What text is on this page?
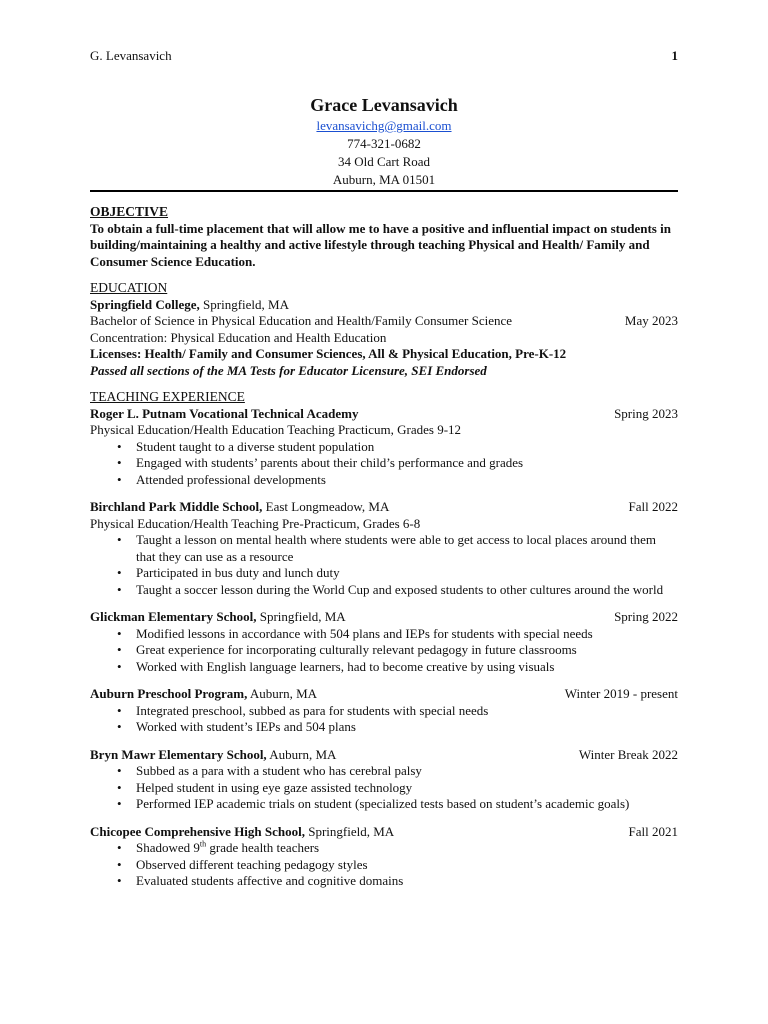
G. Levansavich	1
Grace Levansavich
levansavichg@gmail.com
774-321-0682
34 Old Cart Road
Auburn, MA 01501
OBJECTIVE
To obtain a full-time placement that will allow me to have a positive and influential impact on students in building/maintaining a healthy and active lifestyle through teaching Physical and Health/ Family and Consumer Science Education.
EDUCATION
Springfield College, Springfield, MA
Bachelor of Science in Physical Education and Health/Family Consumer Science	May 2023
Concentration: Physical Education and Health Education
Licenses: Health/ Family and Consumer Sciences, All & Physical Education, Pre-K-12
Passed all sections of the MA Tests for Educator Licensure, SEI Endorsed
TEACHING EXPERIENCE
Roger L. Putnam Vocational Technical Academy	Spring 2023
Physical Education/Health Education Teaching Practicum, Grades 9-12
• Student taught to a diverse student population
• Engaged with students’ parents about their child’s performance and grades
• Attended professional developments
Birchland Park Middle School, East Longmeadow, MA	Fall 2022
Physical Education/Health Teaching Pre-Practicum, Grades 6-8
• Taught a lesson on mental health where students were able to get access to local places around them that they can use as a resource
• Participated in bus duty and lunch duty
• Taught a soccer lesson during the World Cup and exposed students to other cultures around the world
Glickman Elementary School, Springfield, MA	Spring 2022
• Modified lessons in accordance with 504 plans and IEPs for students with special needs
• Great experience for incorporating culturally relevant pedagogy in future classrooms
• Worked with English language learners, had to become creative by using visuals
Auburn Preschool Program, Auburn, MA	Winter 2019 - present
• Integrated preschool, subbed as para for students with special needs
• Worked with student’s IEPs and 504 plans
Bryn Mawr Elementary School, Auburn, MA	Winter Break 2022
• Subbed as a para with a student who has cerebral palsy
• Helped student in using eye gaze assisted technology
• Performed IEP academic trials on student (specialized tests based on student’s academic goals)
Chicopee Comprehensive High School, Springfield, MA	Fall 2021
• Shadowed 9th grade health teachers
• Observed different teaching pedagogy styles
• Evaluated students affective and cognitive domains
